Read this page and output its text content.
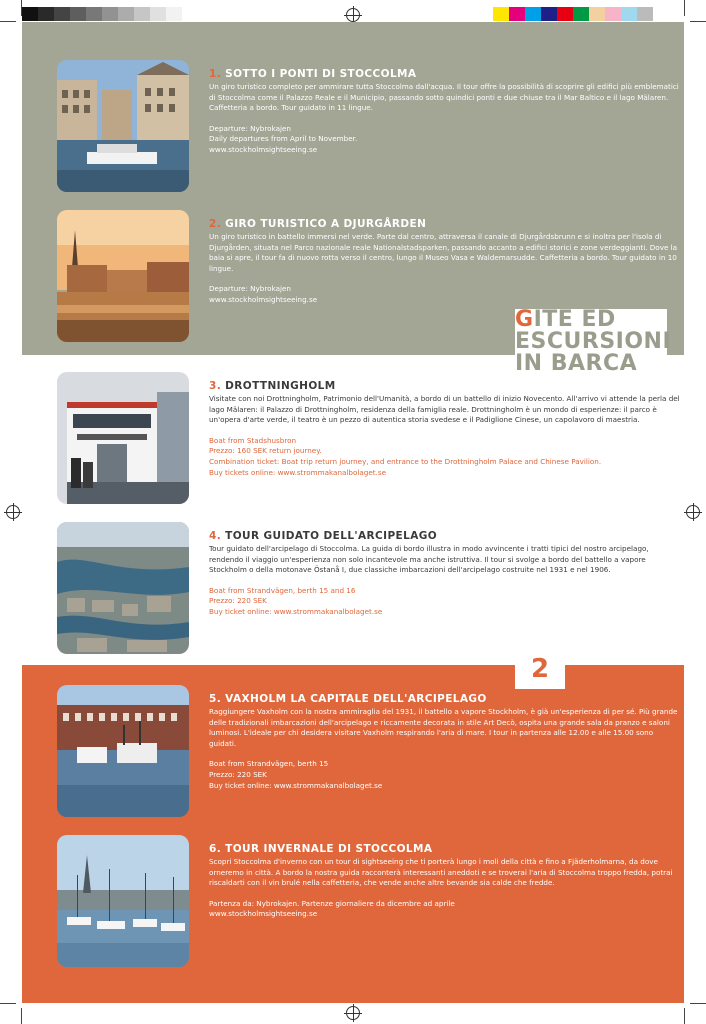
GITE ED
ESCURSIONI
IN BARCA
2
1. SOTTO I PONTI DI STOCCOLMA

Un giro turistico completo per ammirare tutta Stoccolma dall'acqua. Il tour offre la possibilità di scoprire gli edifici più emblematici di Stoccolma come il Palazzo Reale e il Municipio, passando sotto quindici ponti e due chiuse tra il Mar Baltico e il lago Mälaren. Caffetteria a bordo. Tour guidato in 11 lingue.

Departure: Nybrokajen
Daily departures from April to November.
www.stockholmsightseeing.se
2. GIRO TURISTICO A DJURGÅRDEN

Un giro turistico in battello immersi nel verde. Parte dal centro, attraversa il canale di Djurgårdsbrunn e si inoltra per l'isola di Djurgården, situata nel Parco nazionale reale Nationalstadsparken, passando accanto a edifici storici e zone verdeggianti. Dove la baia si apre, il tour fa di nuovo rotta verso il centro, lungo il Museo Vasa e Waldemarsudde. Caffetteria a bordo. Tour guidato in 10 lingue.

Departure: Nybrokajen
www.stockholmsightseeing.se
3. DROTTNINGHOLM

Visitate con noi Drottningholm, Patrimonio dell'Umanità, a bordo di un battello di inizio Novecento. All'arrivo vi attende la perla del lago Mälaren: il Palazzo di Drottningholm, residenza della famiglia reale. Drottningholm è un mondo di esperienze: il parco è un'opera d'arte verde, il teatro è un pezzo di autentica storia svedese e il Padiglione Cinese, un capolavoro di maestria.

Boat from Stadshusbron
Prezzo: 160 SEK return journey.
Combination ticket: Boat trip return journey, and entrance to the Drottningholm Palace and Chinese Pavilion.
Buy tickets online: www.strommakanalbolaget.se
4. TOUR GUIDATO DELL'ARCIPELAGO

Tour guidato dell'arcipelago di Stoccolma. La guida di bordo illustra in modo avvincente i tratti tipici del nostro arcipelago, rendendo il viaggio un'esperienza non solo incantevole ma anche istruttiva. Il tour si svolge a bordo del battello a vapore Stockholm o della motonave Östanå I, due classiche imbarcazioni dell'arcipelago costruite nel 1931 e nel 1906.

Boat from Strandvägen, berth 15 and 16
Prezzo: 220 SEK
Buy ticket online: www.strommakanalbolaget.se
5. VAXHOLM LA CAPITALE DELL'ARCIPELAGO

Raggiungere Vaxholm con la nostra ammiraglia del 1931, il battello a vapore Stockholm, è già un'esperienza di per sé. Più grande delle tradizionali imbarcazioni dell'arcipelago e riccamente decorata in stile Art Decò, ospita una grande sala da pranzo e saloni luminosi. L'ideale per chi desidera visitare Vaxholm respirando l'aria di mare. I tour in partenza alle 12.00 e alle 15.00 sono guidati.

Boat from Strandvägen, berth 15
Prezzo: 220 SEK
Buy ticket online: www.strommakanalbolaget.se
6. TOUR INVERNALE DI STOCCOLMA

Scopri Stoccolma d'inverno con un tour di sightseeing che ti porterà lungo i moli della città e fino a Fjäderholmarna, da dove orneremo in città. A bordo la nostra guida racconterà interessanti aneddoti e se troverai l'aria di Stoccolma troppo fredda, potrai riscaldarti con il vin brulé nella caffetteria, che vende anche altre bevande sia calde che fredde.

Partenza da: Nybrokajen. Partenze giornaliere da dicembre ad aprile
www.stockholmsightseeing.se
